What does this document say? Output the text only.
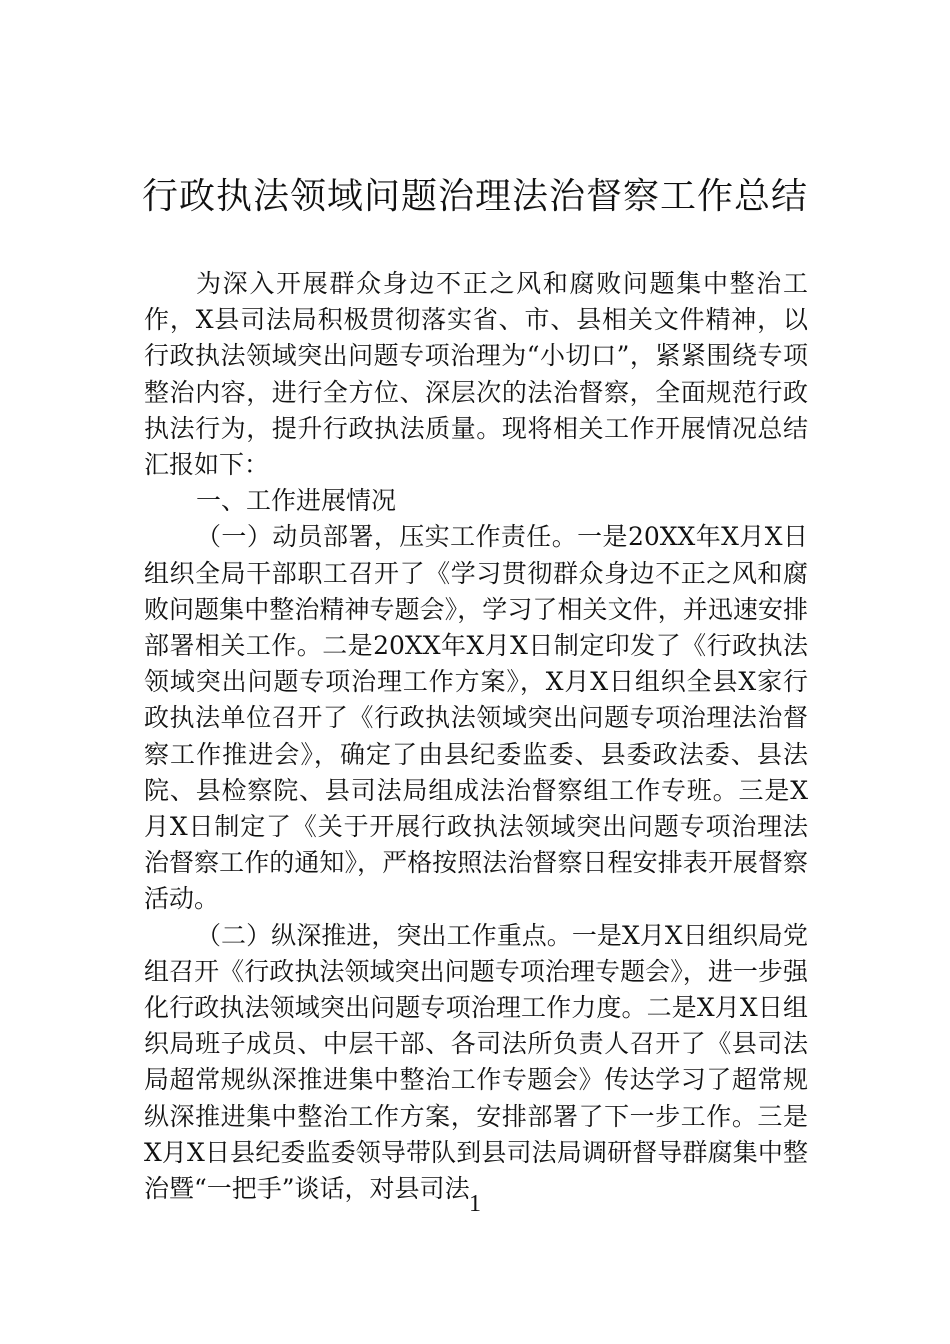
行政执法领域问题治理法治督察工作总结

为深入开展群众身边不正之风和腐败问题集中整治工作，X县司法局积极贯彻落实省、市、县相关文件精神，以行政执法领域突出问题专项治理为“小切口”，紧紧围绕专项整治内容，进行全方位、深层次的法治督察，全面规范行政执法行为，提升行政执法质量。现将相关工作开展情况总结汇报如下：

一、工作进展情况

（一）动员部署，压实工作责任。一是20XX年X月X日组织全局干部职工召开了《学习贯彻群众身边不正之风和腐败问题集中整治精神专题会》，学习了相关文件，并迅速安排部署相关工作。二是20XX年X月X日制定印发了《行政执法领域突出问题专项治理工作方案》，X月X日组织全县X家行政执法单位召开了《行政执法领域突出问题专项治理法治督察工作推进会》，确定了由县纪委监委、县委政法委、县法院、县检察院、县司法局组成法治督察组工作专班。三是X月X日制定了《关于开展行政执法领域突出问题专项治理法治督察工作的通知》，严格按照法治督察日程安排表开展督察活动。

（二）纵深推进，突出工作重点。一是X月X日组织局党组召开《行政执法领域突出问题专项治理专题会》，进一步强化行政执法领域突出问题专项治理工作力度。二是X月X日组织局班子成员、中层干部、各司法所负责人召开了《县司法局超常规纵深推进集中整治工作专题会》传达学习了超常规纵深推进集中整治工作方案，安排部署了下一步工作。三是X月X日县纪委监委领导带队到县司法局调研督导群腐集中整治暨“一把手”谈话，对县司法

1
